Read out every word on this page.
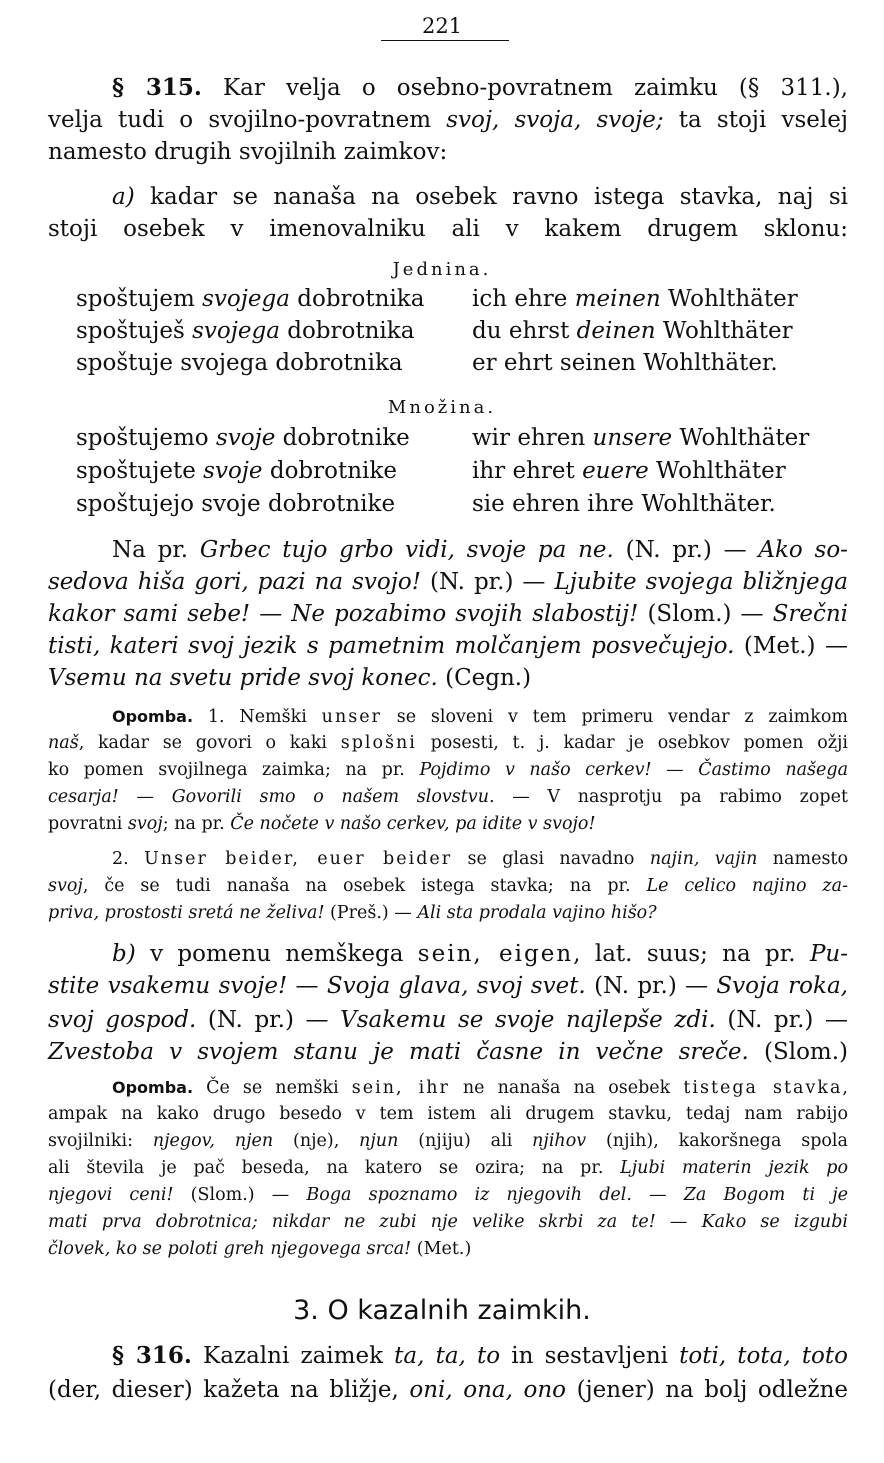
221
§ 315. Kar velja o osebno-povratnem zaimku (§ 311.),
velja tudi o svojilno-povratnem svoj, svoja, svoje; ta stoji vselej
namesto drugih svojilnih zaimkov:
a) kadar se nanaša na osebek ravno istega stavka, naj si
stoji osebek v imenovalniku ali v kakem drugem sklonu:
Jednina.
spoštujem svojega dobrotnika
spoštuješ svojega dobrotnika
spoštuje svojega dobrotnika
ich ehre meinen Wohlthäter
du ehrst deinen Wohlthäter
er ehrt seinen Wohlthäter.
Množina.
spoštujemo svoje dobrotnike
spoštujete svoje dobrotnike
spoštujejo svoje dobrotnike
wir ehren unsere Wohlthäter
ihr ehret euere Wohlthäter
sie ehren ihre Wohlthäter.
Na pr. Grbec tujo grbo vidi, svoje pa ne. (N. pr.) — Ako so-
sedova hiša gori, pazi na svojo! (N. pr.) — Ljubite svojega bližnjega
kakor sami sebe! — Ne pozabimo svojih slabostij! (Slom.) — Srečni
tisti, kateri svoj jezik s pametnim molčanjem posvečujejo. (Met.) —
Vsemu na svetu pride svoj konec. (Cegn.)
Opomba. 1. Nemški unser se sloveni v tem primeru vendar z zaimkom
naš, kadar se govori o kaki splošni posesti, t. j. kadar je osebkov pomen ožji
ko pomen svojilnega zaimka; na pr. Pojdimo v našo cerkev! — Častimo našega
cesarja! — Govorili smo o našem slovstvu. — V nasprotju pa rabimo zopet
povratni svoj; na pr. Če nočete v našo cerkev, pa idite v svojo!
2. Unser beider, euer beider se glasi navadno najin, vajin namesto
svoj, če se tudi nanaša na osebek istega stavka; na pr. Le celico najino za-
priva, prostosti sretá ne želiva! (Preš.) — Ali sta prodala vajino hišo?
b) v pomenu nemškega sein, eigen, lat. suus; na pr. Pu-
stite vsakemu svoje! — Svoja glava, svoj svet. (N. pr.) — Svoja roka,
svoj gospod. (N. pr.) — Vsakemu se svoje najlepše zdi. (N. pr.) —
Zvestoba v svojem stanu je mati časne in večne sreče. (Slom.)
Opomba. Če se nemški sein, ihr ne nanaša na osebek tistega stavka,
ampak na kako drugo besedo v tem istem ali drugem stavku, tedaj nam rabijo
svojilniki: njegov, njen (nje), njun (njiju) ali njihov (njih), kakoršnega spola
ali števila je pač beseda, na katero se ozira; na pr. Ljubi materin jezik po
njegovi ceni! (Slom.) — Boga spoznamo iz njegovih del. — Za Bogom ti je
mati prva dobrotnica; nikdar ne zubi nje velike skrbi za te! — Kako se izgubi
človek, ko se poloti greh njegovega srca! (Met.)
3. O kazalnih zaimkih.
§ 316. Kazalni zaimek ta, ta, to in sestavljeni toti, tota, toto
(der, dieser) kažeta na bližje, oni, ona, ono (jener) na bolj odležne
